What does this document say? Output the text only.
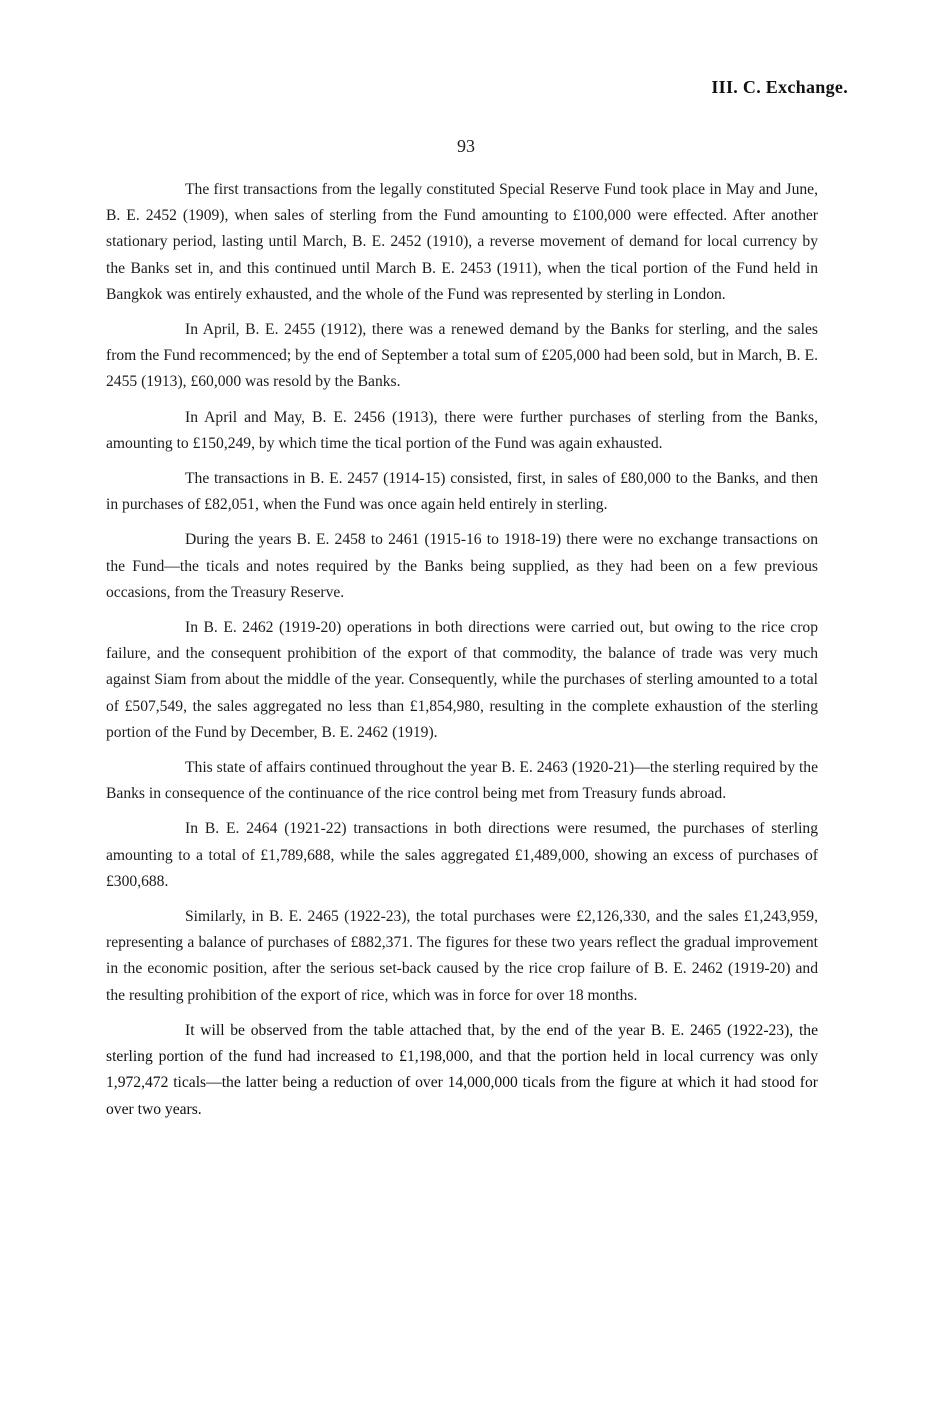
III. C. Exchange.
93

The first transactions from the legally constituted Special Reserve Fund took place in May and June, B. E. 2452 (1909), when sales of sterling from the Fund amounting to £100,000 were effected. After another stationary period, lasting until March, B. E. 2452 (1910), a reverse movement of demand for local currency by the Banks set in, and this continued until March B. E. 2453 (1911), when the tical portion of the Fund held in Bangkok was entirely exhausted, and the whole of the Fund was represented by sterling in London.

In April, B. E. 2455 (1912), there was a renewed demand by the Banks for sterling, and the sales from the Fund recommenced; by the end of September a total sum of £205,000 had been sold, but in March, B. E. 2455 (1913), £60,000 was resold by the Banks.

In April and May, B. E. 2456 (1913), there were further purchases of sterling from the Banks, amounting to £150,249, by which time the tical portion of the Fund was again exhausted.

The transactions in B. E. 2457 (1914-15) consisted, first, in sales of £80,000 to the Banks, and then in purchases of £82,051, when the Fund was once again held entirely in sterling.

During the years B. E. 2458 to 2461 (1915-16 to 1918-19) there were no exchange transactions on the Fund—the ticals and notes required by the Banks being supplied, as they had been on a few previous occasions, from the Treasury Reserve.

In B. E. 2462 (1919-20) operations in both directions were carried out, but owing to the rice crop failure, and the consequent prohibition of the export of that commodity, the balance of trade was very much against Siam from about the middle of the year. Consequently, while the purchases of sterling amounted to a total of £507,549, the sales aggregated no less than £1,854,980, resulting in the complete exhaustion of the sterling portion of the Fund by December, B. E. 2462 (1919).

This state of affairs continued throughout the year B. E. 2463 (1920-21)—the sterling required by the Banks in consequence of the continuance of the rice control being met from Treasury funds abroad.

In B. E. 2464 (1921-22) transactions in both directions were resumed, the purchases of sterling amounting to a total of £1,789,688, while the sales aggregated £1,489,000, showing an excess of purchases of £300,688.

Similarly, in B. E. 2465 (1922-23), the total purchases were £2,126,330, and the sales £1,243,959, representing a balance of purchases of £882,371. The figures for these two years reflect the gradual improvement in the economic position, after the serious set-back caused by the rice crop failure of B. E. 2462 (1919-20) and the resulting prohibition of the export of rice, which was in force for over 18 months.

It will be observed from the table attached that, by the end of the year B. E. 2465 (1922-23), the sterling portion of the fund had increased to £1,198,000, and that the portion held in local currency was only 1,972,472 ticals—the latter being a reduction of over 14,000,000 ticals from the figure at which it had stood for over two years.
